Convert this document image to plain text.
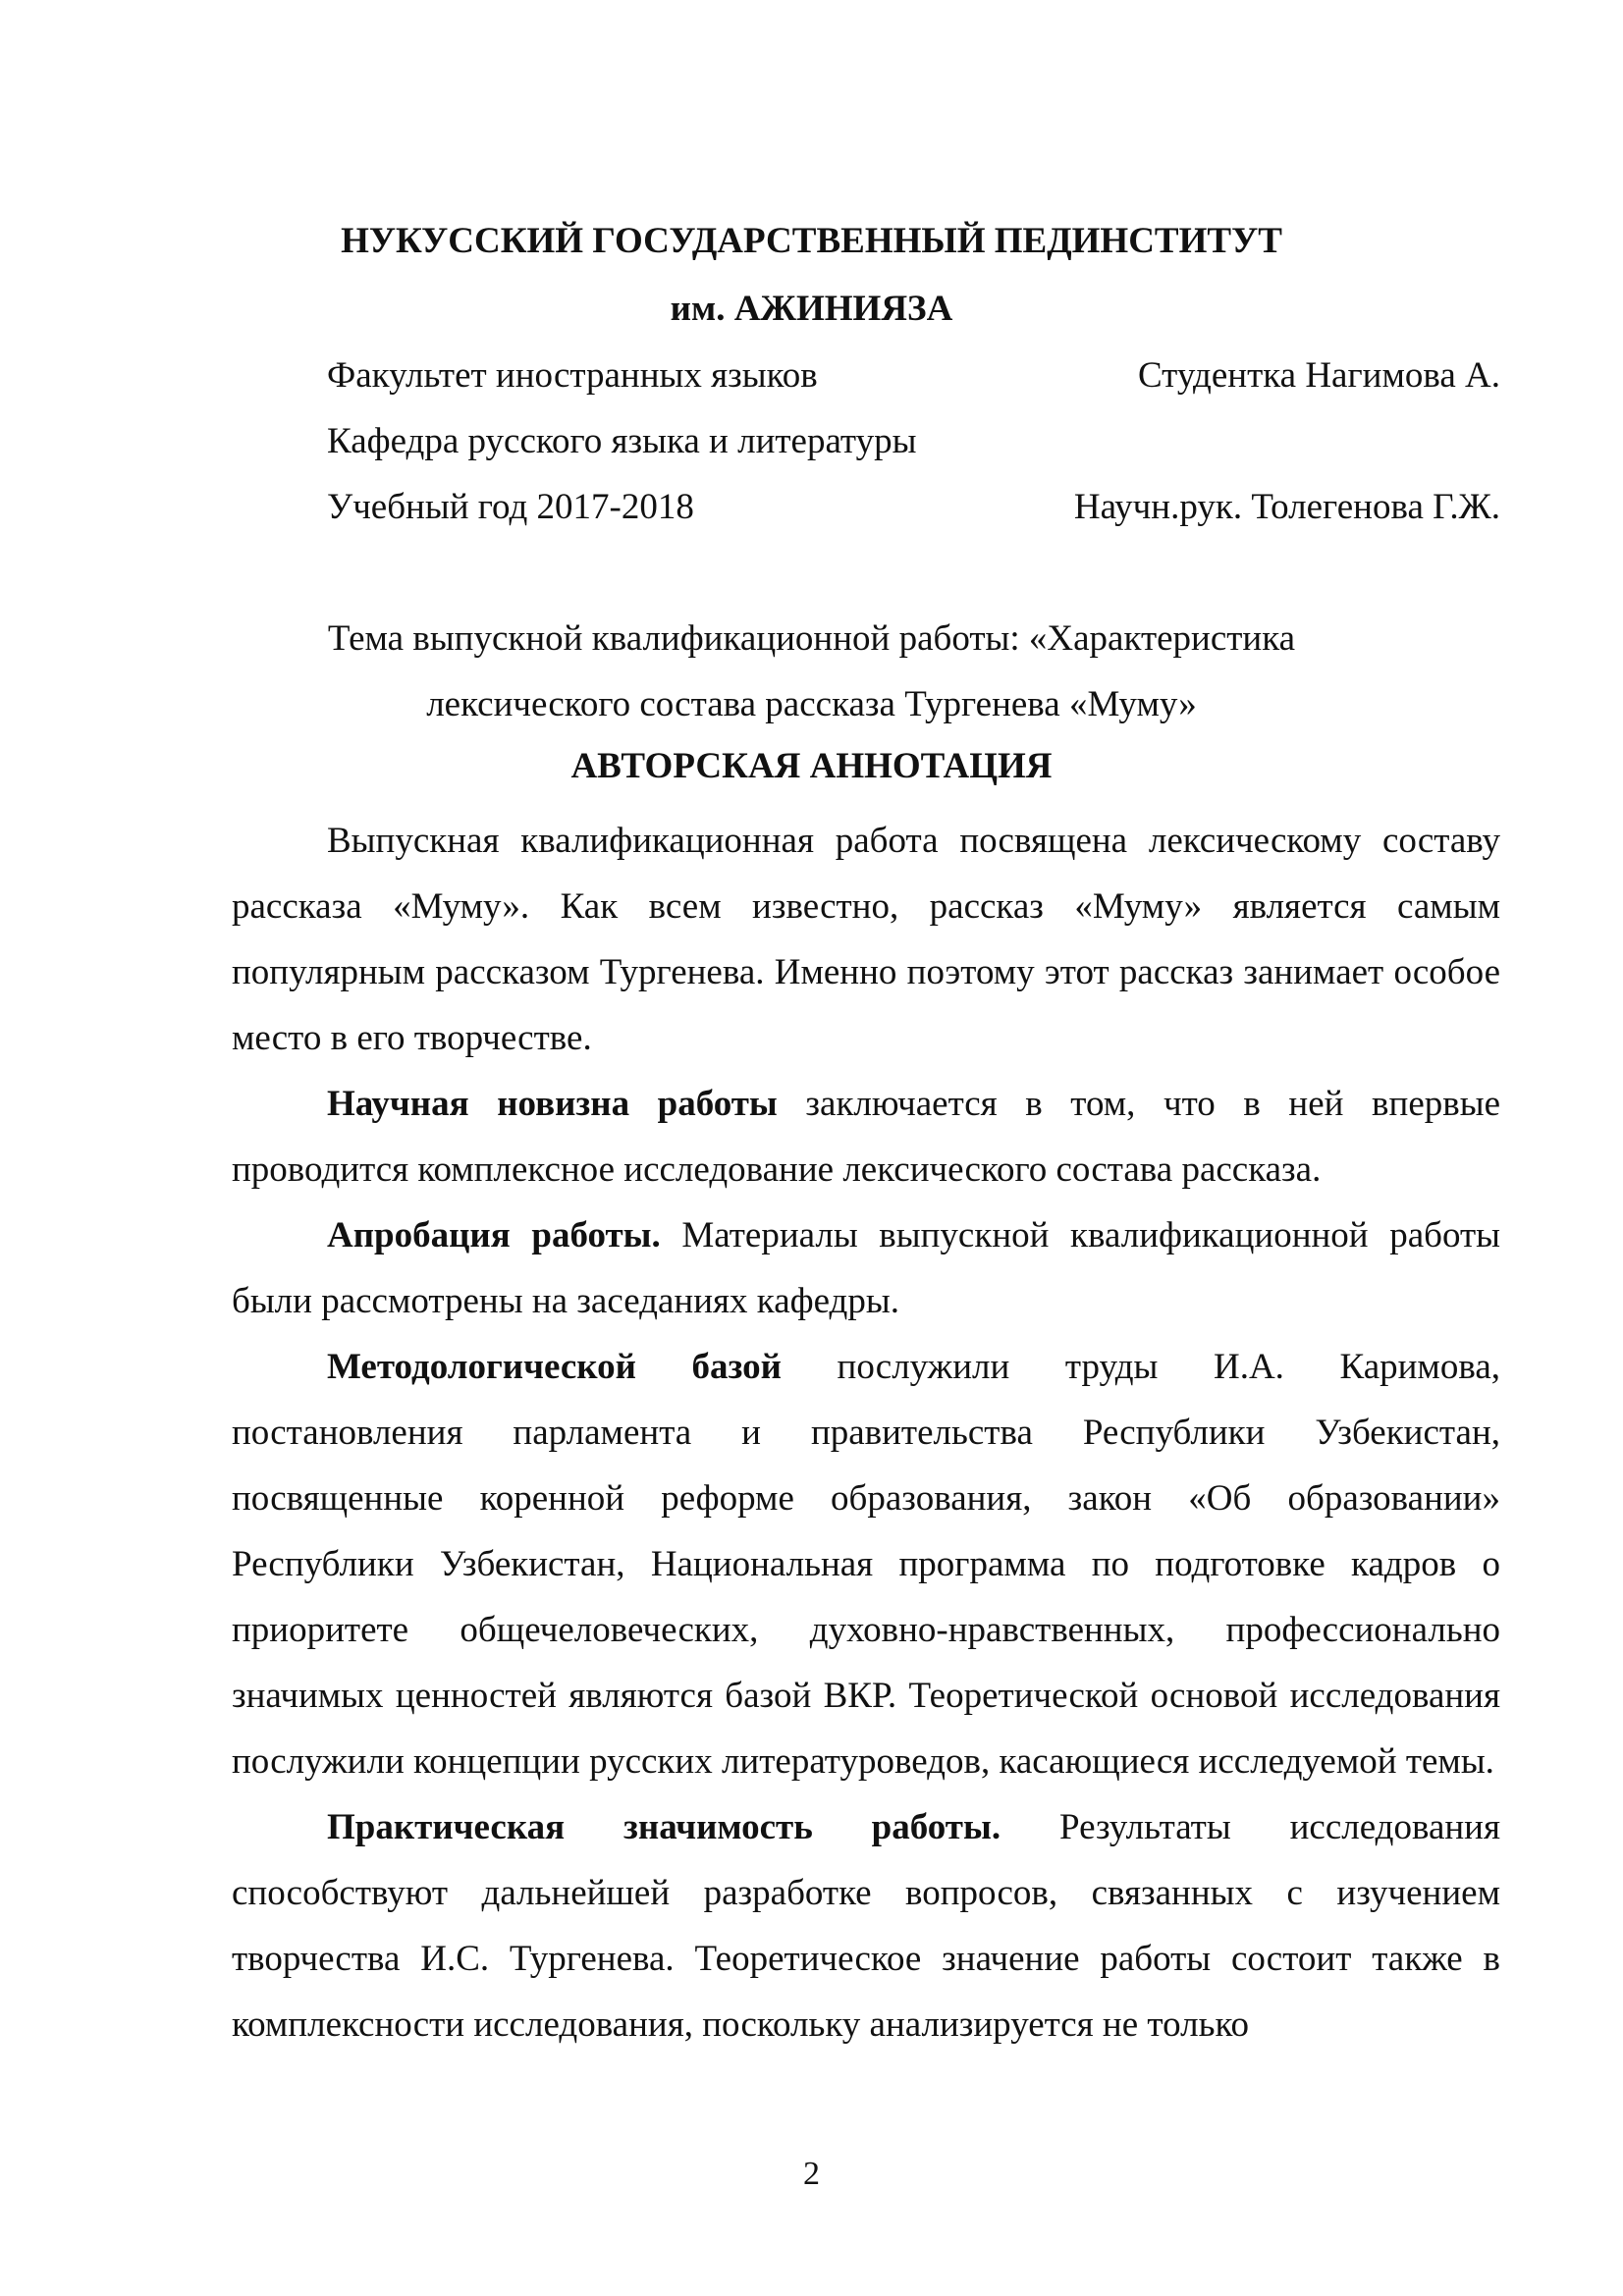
НУКУССКИЙ ГОСУДАРСТВЕННЫЙ ПЕДИНСТИТУТ
им. АЖИНИЯЗА
Факультет иностранных языков	Студентка Нагимова А.
Кафедра русского языка и литературы
Учебный год 2017-2018	Научн.рук. Толегенова Г.Ж.
Тема выпускной квалификационной работы: «Характеристика
лексического состава рассказа Тургенева «Муму»
АВТОРСКАЯ АННОТАЦИЯ

Выпускная квалификационная работа посвящена лексическому составу рассказа «Муму». Как всем известно, рассказ «Муму» является самым популярным рассказом Тургенева. Именно поэтому этот рассказ занимает особое место в его творчестве.

Научная новизна работы заключается в том, что в ней впервые проводится комплексное исследование лексического состава рассказа.

Апробация работы. Материалы выпускной квалификационной работы были рассмотрены на заседаниях кафедры.

Методологической базой послужили труды И.А. Каримова, постановления парламента и правительства Республики Узбекистан, посвященные коренной реформе образования, закон «Об образовании» Республики Узбекистан, Национальная программа по подготовке кадров о приоритете общечеловеческих, духовно-нравственных, профессионально значимых ценностей являются базой ВКР. Теоретической основой исследования послужили концепции русских литературоведов, касающиеся исследуемой темы.

Практическая значимость работы. Результаты исследования способствуют дальнейшей разработке вопросов, связанных с изучением творчества И.С. Тургенева. Теоретическое значение работы состоит также в комплексности исследования, поскольку анализируется не только

2
